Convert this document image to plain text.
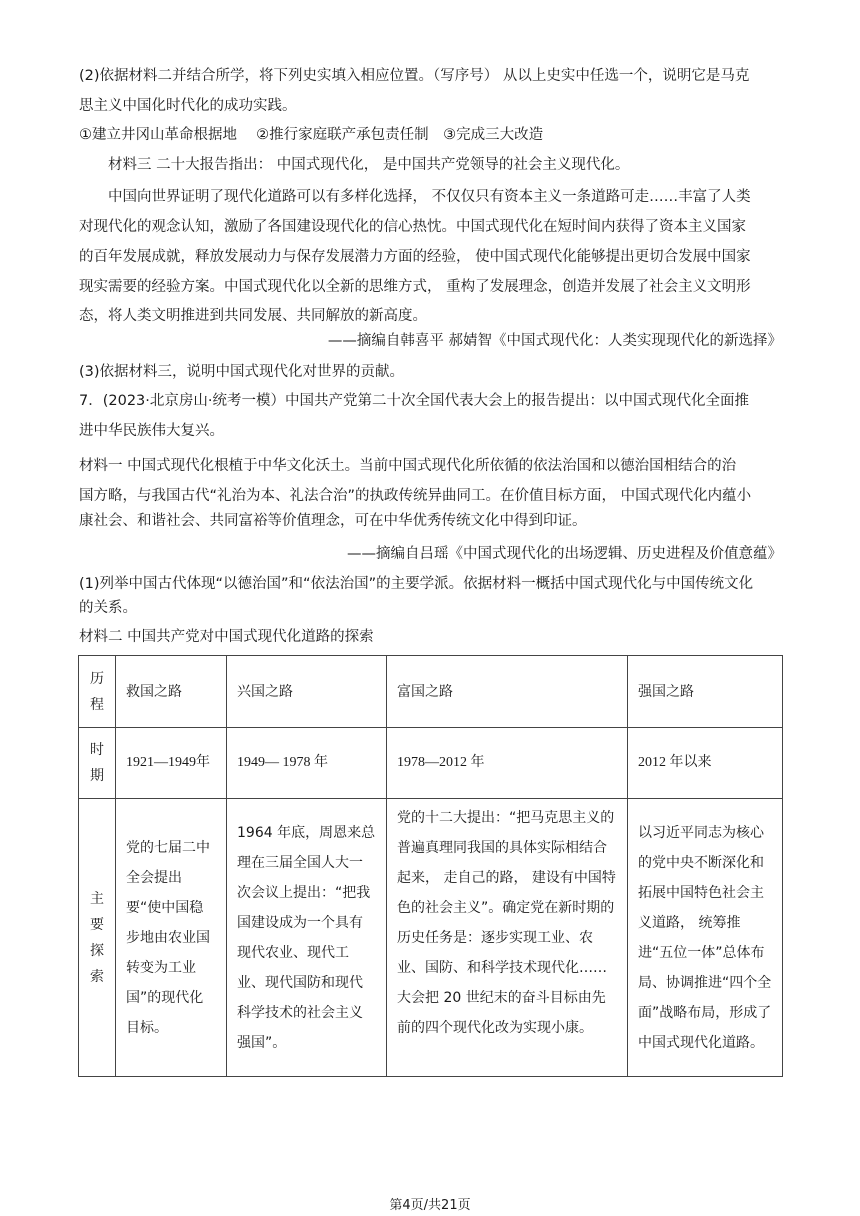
(2)依据材料二并结合所学，将下列史实填入相应位置。（写序号） 从以上史实中任选一个，说明它是马克
思主义中国化时代化的成功实践。
①建立井冈山革命根据地　 ②推行家庭联产承包责任制　③完成三大改造
材料三 二十大报告指出： 中国式现代化， 是中国共产党领导的社会主义现代化。
中国向世界证明了现代化道路可以有多样化选择， 不仅仅只有资本主义一条道路可走……丰富了人类
对现代化的观念认知，激励了各国建设现代化的信心热忱。中国式现代化在短时间内获得了资本主义国家
的百年发展成就，释放发展动力与保存发展潜力方面的经验， 使中国式现代化能够提出更切合发展中国家
现实需要的经验方案。中国式现代化以全新的思维方式， 重构了发展理念，创造并发展了社会主义文明形
态，将人类文明推进到共同发展、共同解放的新高度。
——摘编自韩喜平 郝婧智《中国式现代化：人类实现现代化的新选择》
(3)依据材料三，说明中国式现代化对世界的贡献。
7．(2023·北京房山·统考一模）中国共产党第二十次全国代表大会上的报告提出：以中国式现代化全面推
进中华民族伟大复兴。
材料一 中国式现代化根植于中华文化沃土。当前中国式现代化所依循的依法治国和以德治国相结合的治
国方略，与我国古代“礼治为本、礼法合治”的执政传统异曲同工。在价值目标方面， 中国式现代化内蕴小
康社会、和谐社会、共同富裕等价值理念，可在中华优秀传统文化中得到印证。
——摘编自吕瑶《中国式现代化的出场逻辑、历史进程及价值意蕴》
(1)列举中国古代体现“以德治国”和“依法治国”的主要学派。依据材料一概括中国式现代化与中国传统文化
的关系。
材料二 中国共产党对中国式现代化道路的探索
历程	救国之路	兴国之路	富国之路	强国之路
时期	1921—1949年	1949— 1978 年	1978—2012 年	2012 年以来
主要探索	党的七届二中全会提出要“使中国稳步地由农业国转变为工业国”的现代化目标。	1964 年底，周恩来总理在三届全国人大一次会议上提出：“把我国建设成为一个具有现代农业、现代工业、现代国防和现代科学技术的社会主义强国”。	党的十二大提出：“把马克思主义的普遍真理同我国的具体实际相结合起来， 走自己的路， 建设有中国特色的社会主义”。确定党在新时期的历史任务是：逐步实现工业、农业、国防、和科学技术现代化……大会把 20 世纪末的奋斗目标由先前的四个现代化改为实现小康。	以习近平同志为核心的党中央不断深化和拓展中国特色社会主义道路， 统筹推进“五位一体”总体布局、协调推进“四个全面”战略布局，形成了中国式现代化道路。
第4页/共21页
